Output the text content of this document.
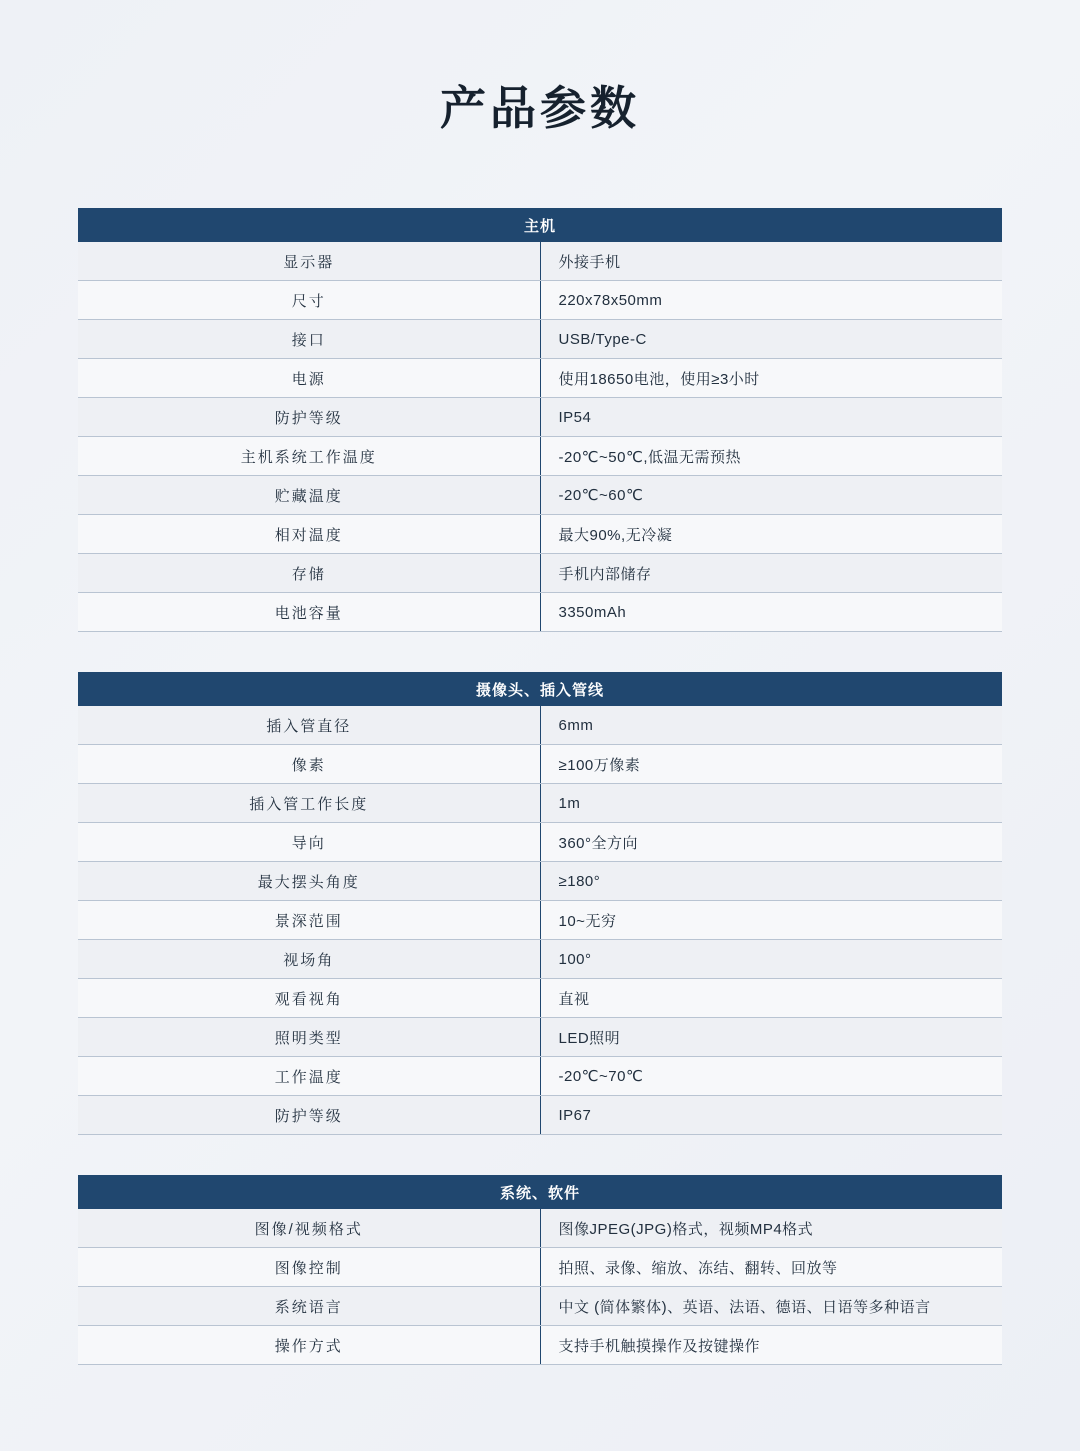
产品参数
主机	
显示器	外接手机
尺寸	220x78x50mm
接口	USB/Type-C
电源	使用18650电池，使用≥3小时
防护等级	IP54
主机系统工作温度	-20℃~50℃,低温无需预热
贮藏温度	-20℃~60℃
相对温度	最大90%,无冷凝
存储	手机内部储存
电池容量	3350mAh
摄像头、插入管线	
插入管直径	6mm
像素	≥100万像素
插入管工作长度	1m
导向	360°全方向
最大摆头角度	≥180°
景深范围	10~无穷
视场角	100°
观看视角	直视
照明类型	LED照明
工作温度	-20℃~70℃
防护等级	IP67
系统、软件	
图像/视频格式	图像JPEG(JPG)格式，视频MP4格式
图像控制	拍照、录像、缩放、冻结、翻转、回放等
系统语言	中文 (简体繁体)、英语、法语、德语、日语等多种语言
操作方式	支持手机触摸操作及按键操作
